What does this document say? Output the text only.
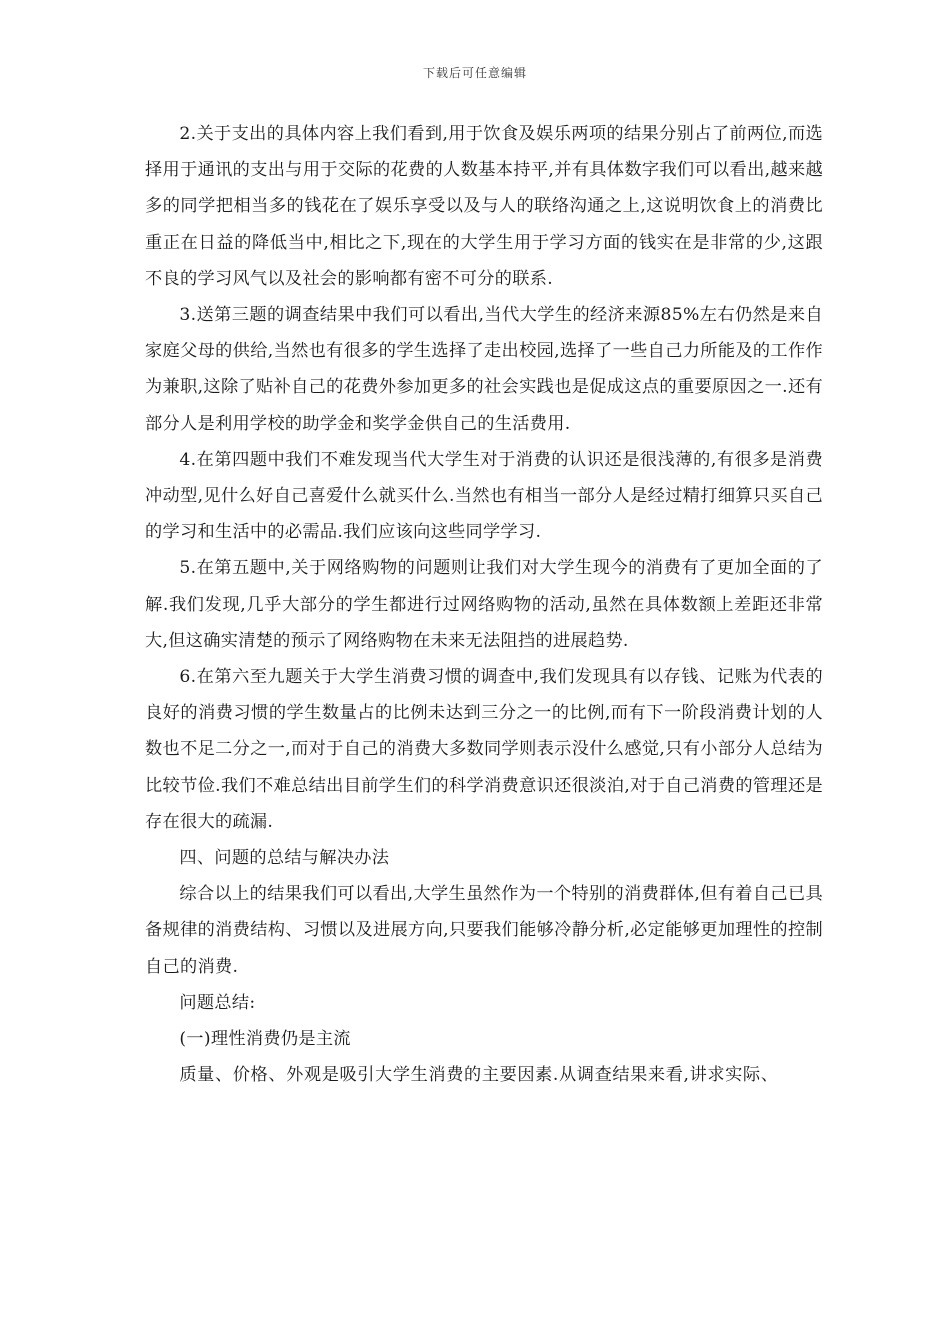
下载后可任意编辑

2.关于支出的具体内容上我们看到,用于饮食及娱乐两项的结果分别占了前两位,而选择用于通讯的支出与用于交际的花费的人数基本持平,并有具体数字我们可以看出,越来越多的同学把相当多的钱花在了娱乐享受以及与人的联络沟通之上,这说明饮食上的消费比重正在日益的降低当中,相比之下,现在的大学生用于学习方面的钱实在是非常的少,这跟不良的学习风气以及社会的影响都有密不可分的联系.

3.送第三题的调查结果中我们可以看出,当代大学生的经济来源85%左右仍然是来自家庭父母的供给,当然也有很多的学生选择了走出校园,选择了一些自己力所能及的工作作为兼职,这除了贴补自己的花费外参加更多的社会实践也是促成这点的重要原因之一.还有部分人是利用学校的助学金和奖学金供自己的生活费用.

4.在第四题中我们不难发现当代大学生对于消费的认识还是很浅薄的,有很多是消费冲动型,见什么好自己喜爱什么就买什么.当然也有相当一部分人是经过精打细算只买自己的学习和生活中的必需品.我们应该向这些同学学习.

5.在第五题中,关于网络购物的问题则让我们对大学生现今的消费有了更加全面的了解.我们发现,几乎大部分的学生都进行过网络购物的活动,虽然在具体数额上差距还非常大,但这确实清楚的预示了网络购物在未来无法阻挡的进展趋势.

6.在第六至九题关于大学生消费习惯的调查中,我们发现具有以存钱、记账为代表的良好的消费习惯的学生数量占的比例未达到三分之一的比例,而有下一阶段消费计划的人数也不足二分之一,而对于自己的消费大多数同学则表示没什么感觉,只有小部分人总结为比较节俭.我们不难总结出目前学生们的科学消费意识还很淡泊,对于自己消费的管理还是存在很大的疏漏.

四、问题的总结与解决办法

综合以上的结果我们可以看出,大学生虽然作为一个特别的消费群体,但有着自己已具备规律的消费结构、习惯以及进展方向,只要我们能够冷静分析,必定能够更加理性的控制自己的消费.

问题总结:

(一)理性消费仍是主流

质量、价格、外观是吸引大学生消费的主要因素.从调查结果来看,讲求实际、
